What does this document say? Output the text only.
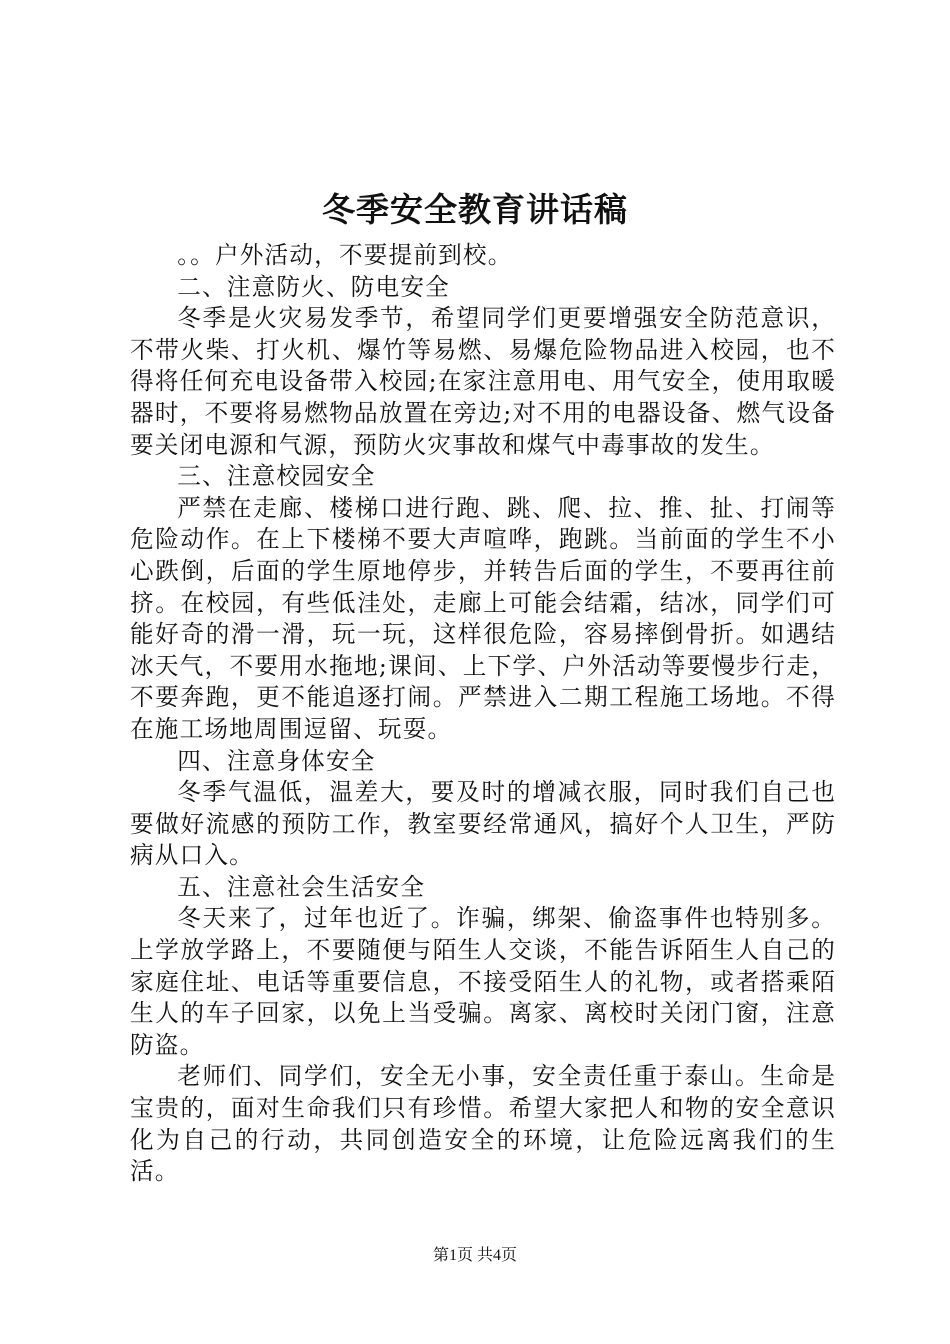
冬季安全教育讲话稿

。。户外活动，不要提前到校。

二、注意防火、防电安全

冬季是火灾易发季节，希望同学们更要增强安全防范意识，不带火柴、打火机、爆竹等易燃、易爆危险物品进入校园，也不得将任何充电设备带入校园;在家注意用电、用气安全，使用取暖器时，不要将易燃物品放置在旁边;对不用的电器设备、燃气设备要关闭电源和气源，预防火灾事故和煤气中毒事故的发生。

三、注意校园安全

严禁在走廊、楼梯口进行跑、跳、爬、拉、推、扯、打闹等危险动作。在上下楼梯不要大声喧哗，跑跳。当前面的学生不小心跌倒，后面的学生原地停步，并转告后面的学生，不要再往前挤。在校园，有些低洼处，走廊上可能会结霜，结冰，同学们可能好奇的滑一滑，玩一玩，这样很危险，容易摔倒骨折。如遇结冰天气，不要用水拖地;课间、上下学、户外活动等要慢步行走，不要奔跑，更不能追逐打闹。严禁进入二期工程施工场地。不得在施工场地周围逗留、玩耍。

四、注意身体安全

冬季气温低，温差大，要及时的增减衣服，同时我们自己也要做好流感的预防工作，教室要经常通风，搞好个人卫生，严防病从口入。

五、注意社会生活安全

冬天来了，过年也近了。诈骗，绑架、偷盗事件也特别多。上学放学路上，不要随便与陌生人交谈，不能告诉陌生人自己的家庭住址、电话等重要信息，不接受陌生人的礼物，或者搭乘陌生人的车子回家，以免上当受骗。离家、离校时关闭门窗，注意防盗。

老师们、同学们，安全无小事，安全责任重于泰山。生命是宝贵的，面对生命我们只有珍惜。希望大家把人和物的安全意识化为自己的行动，共同创造安全的环境，让危险远离我们的生活。

第1页 共4页
